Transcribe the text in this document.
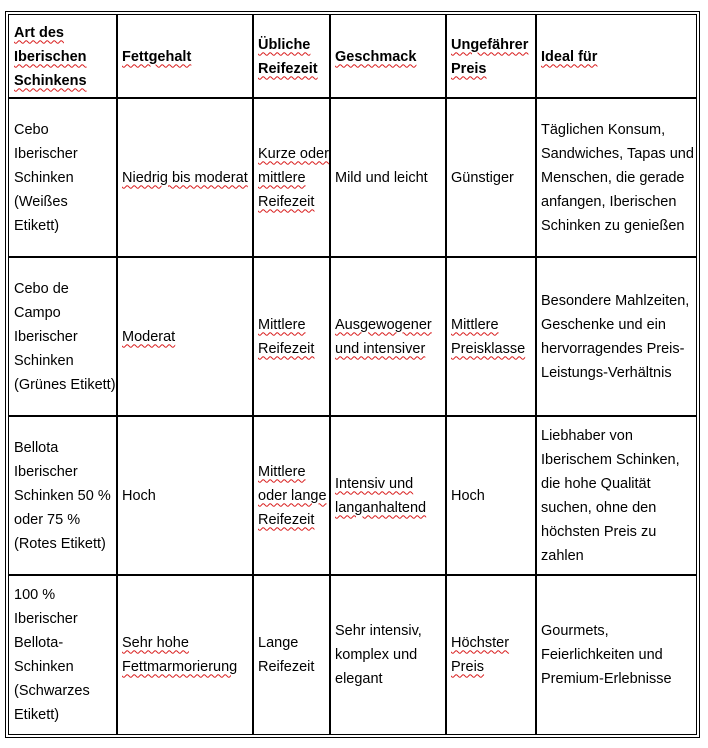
Art des Iberischen Schinkens
Fettgehalt
Übliche Reifezeit
Geschmack
Ungefährer Preis
Ideal für
Cebo Iberischer Schinken (Weißes Etikett)
Niedrig bis moderat
Kurze oder mittlere Reifezeit
Mild und leicht Günstiger
Täglichen Konsum, Sandwiches, Tapas und Menschen, die gerade anfangen, Iberischen Schinken zu genießen
Cebo de Campo Iberischer Schinken (Grünes Etikett)
Moderat
Mittlere Reifezeit
Ausgewogener und intensiver
Mittlere Preisklasse
Besondere Mahlzeiten, Geschenke und ein hervorragendes Preis-Leistungs-Verhältnis
Bellota Iberischer Schinken 50 % oder 75 % (Rotes Etikett)
Hoch
Mittlere oder lange Reifezeit
Intensiv und langanhaltend
Hoch
Liebhaber von Iberischem Schinken, die hohe Qualität suchen, ohne den höchsten Preis zu zahlen
100 % Iberischer Bellota-Schinken (Schwarzes Etikett)
Sehr hohe Fettmarmorierung
Lange Reifezeit
Sehr intensiv, komplex und elegant
Höchster Preis
Gourmets, Feierlichkeiten und Premium-Erlebnisse
